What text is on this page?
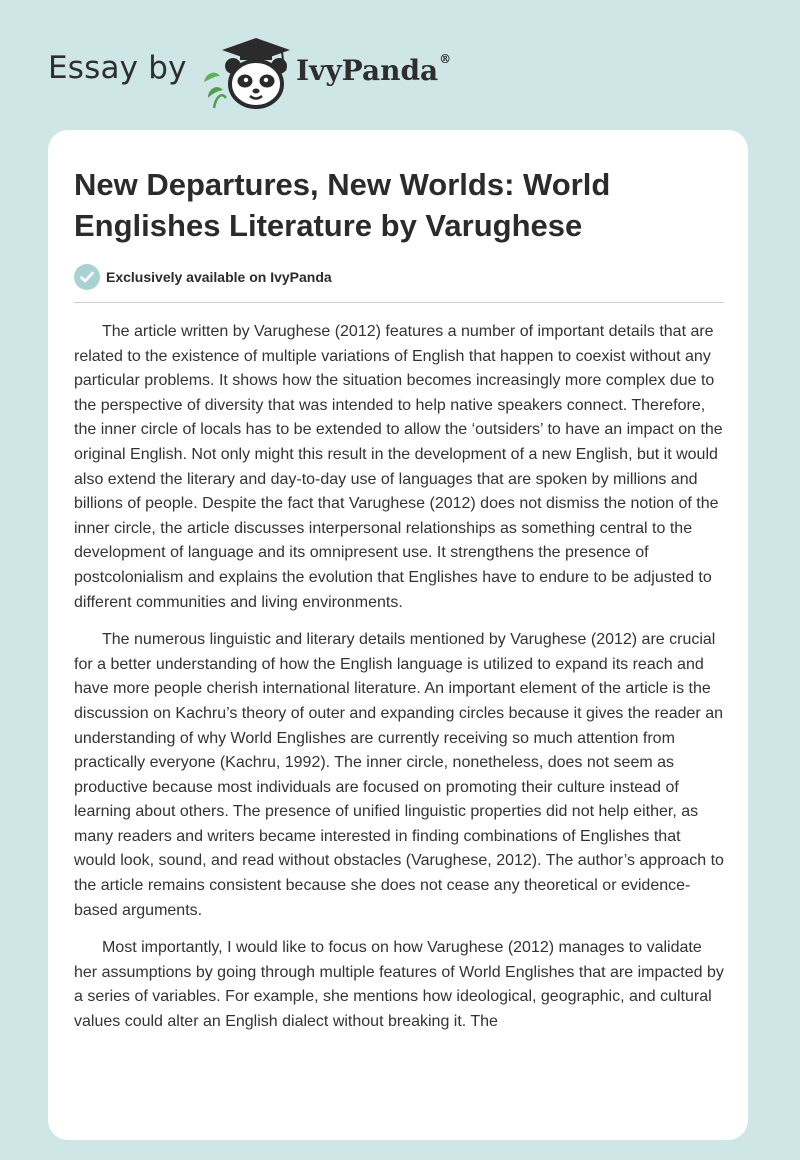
Essay by	IvyPanda®
New Departures, New Worlds: World Englishes Literature by Varughese
Exclusively available on IvyPanda

The article written by Varughese (2012) features a number of important details that are related to the existence of multiple variations of English that happen to coexist without any particular problems. It shows how the situation becomes increasingly more complex due to the perspective of diversity that was intended to help native speakers connect. Therefore, the inner circle of locals has to be extended to allow the ‘outsiders’ to have an impact on the original English. Not only might this result in the development of a new English, but it would also extend the literary and day-to-day use of languages that are spoken by millions and billions of people. Despite the fact that Varughese (2012) does not dismiss the notion of the inner circle, the article discusses interpersonal relationships as something central to the development of language and its omnipresent use. It strengthens the presence of postcolonialism and explains the evolution that Englishes have to endure to be adjusted to different communities and living environments.

The numerous linguistic and literary details mentioned by Varughese (2012) are crucial for a better understanding of how the English language is utilized to expand its reach and have more people cherish international literature. An important element of the article is the discussion on Kachru’s theory of outer and expanding circles because it gives the reader an understanding of why World Englishes are currently receiving so much attention from practically everyone (Kachru, 1992). The inner circle, nonetheless, does not seem as productive because most individuals are focused on promoting their culture instead of learning about others. The presence of unified linguistic properties did not help either, as many readers and writers became interested in finding combinations of Englishes that would look, sound, and read without obstacles (Varughese, 2012). The author’s approach to the article remains consistent because she does not cease any theoretical or evidence-based arguments.

Most importantly, I would like to focus on how Varughese (2012) manages to validate her assumptions by going through multiple features of World Englishes that are impacted by a series of variables. For example, she mentions how ideological, geographic, and cultural values could alter an English dialect without breaking it. The
